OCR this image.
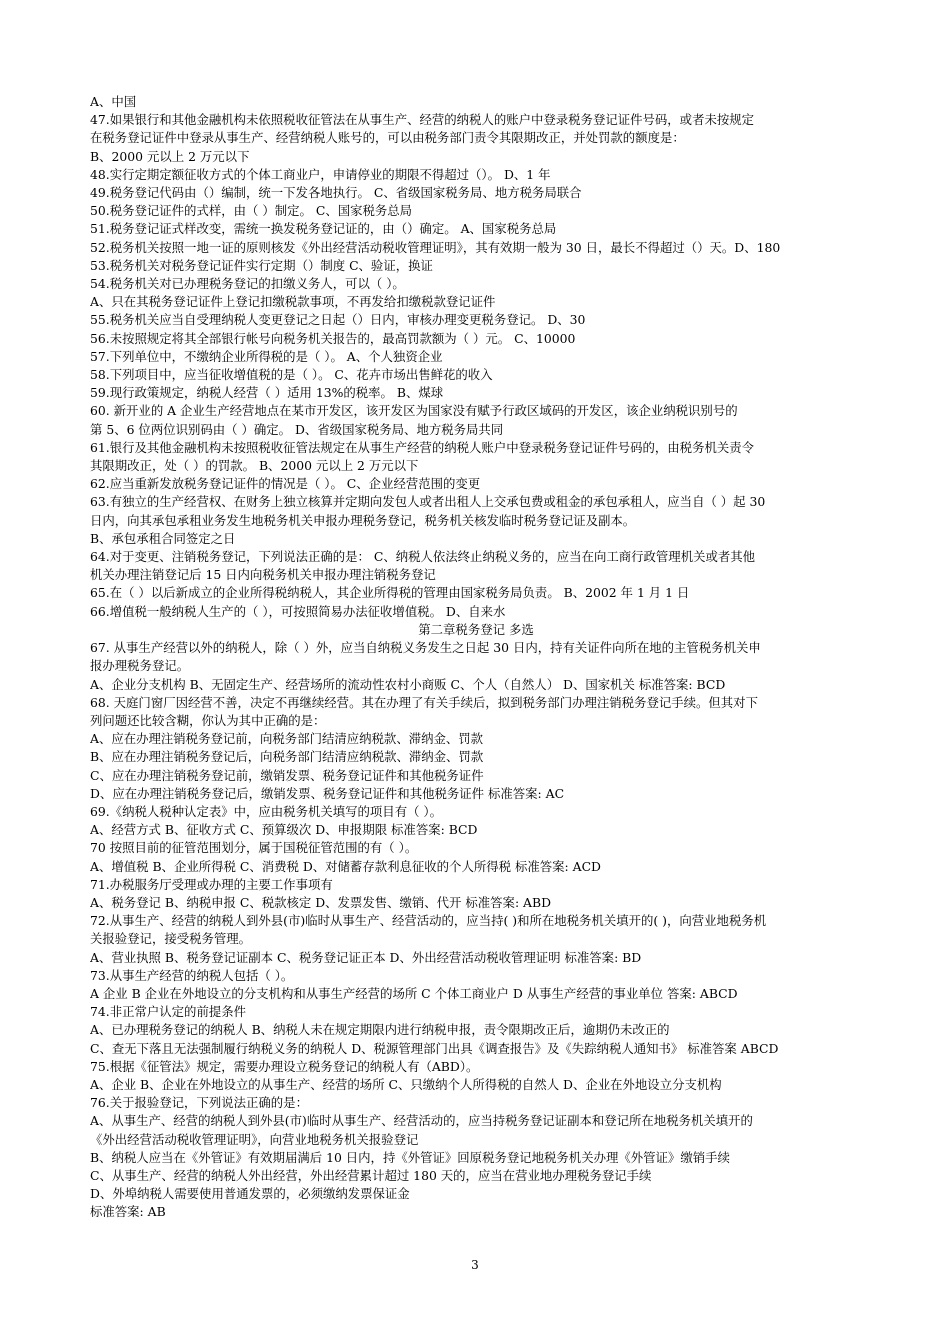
A、中国
47.如果银行和其他金融机构未依照税收征管法在从事生产、经营的纳税人的账户中登录税务登记证件号码，或者未按规定
在税务登记证件中登录从事生产、经营纳税人账号的，可以由税务部门责令其限期改正，并处罚款的额度是：
B、2000 元以上 2 万元以下
48.实行定期定额征收方式的个体工商业户，申请停业的期限不得超过（）。 D、1 年
49.税务登记代码由（）编制，统一下发各地执行。 C、省级国家税务局、地方税务局联合
50.税务登记证件的式样，由（ ）制定。 C、国家税务总局
51.税务登记证式样改变，需统一换发税务登记证的，由（）确定。 A、国家税务总局
52.税务机关按照一地一证的原则核发《外出经营活动税收管理证明》，其有效期一般为 30 日，最长不得超过（）天。D、180
53.税务机关对税务登记证件实行定期（）制度 C、验证，换证
54.税务机关对已办理税务登记的扣缴义务人，可以（ ）。
A、只在其税务登记证件上登记扣缴税款事项，不再发给扣缴税款登记证件
55.税务机关应当自受理纳税人变更登记之日起（）日内，审核办理变更税务登记。 D、30
56.未按照规定将其全部银行帐号向税务机关报告的，最高罚款额为（ ）元。 C、10000
57.下列单位中，不缴纳企业所得税的是（ ）。 A、个人独资企业
58.下列项目中，应当征收增值税的是（ ）。 C、花卉市场出售鲜花的收入
59.现行政策规定，纳税人经营（ ）适用 13%的税率。 B、煤球
60. 新开业的 A 企业生产经营地点在某市开发区，该开发区为国家没有赋予行政区域码的开发区，该企业纳税识别号的
第 5、6 位两位识别码由（ ）确定。 D、省级国家税务局、地方税务局共同
61.银行及其他金融机构未按照税收征管法规定在从事生产经营的纳税人账户中登录税务登记证件号码的，由税务机关责令
其限期改正，处（ ）的罚款。 B、2000 元以上 2 万元以下
62.应当重新发放税务登记证件的情况是（ ）。 C、企业经营范围的变更
63.有独立的生产经营权、在财务上独立核算并定期向发包人或者出租人上交承包费或租金的承包承租人，应当自（ ）起 30
日内，向其承包承租业务发生地税务机关申报办理税务登记，税务机关核发临时税务登记证及副本。
B、承包承租合同签定之日
64.对于变更、注销税务登记，下列说法正确的是： C、纳税人依法终止纳税义务的，应当在向工商行政管理机关或者其他
机关办理注销登记后 15 日内向税务机关申报办理注销税务登记
65.在（ ）以后新成立的企业所得税纳税人，其企业所得税的管理由国家税务局负责。 B、2002 年 1 月 1 日
66.增值税一般纳税人生产的（ ），可按照简易办法征收增值税。 D、自来水
第二章税务登记 多选
67. 从事生产经营以外的纳税人，除（ ）外，应当自纳税义务发生之日起 30 日内，持有关证件向所在地的主管税务机关申
报办理税务登记。
A、企业分支机构 B、无固定生产、经营场所的流动性农村小商贩 C、个人（自然人） D、国家机关 标准答案: BCD
68. 天庭门窗厂因经营不善，决定不再继续经营。其在办理了有关手续后，拟到税务部门办理注销税务登记手续。但其对下
列问题还比较含糊，你认为其中正确的是：
A、应在办理注销税务登记前，向税务部门结清应纳税款、滞纳金、罚款
B、应在办理注销税务登记后，向税务部门结清应纳税款、滞纳金、罚款
C、应在办理注销税务登记前，缴销发票、税务登记证件和其他税务证件
D、应在办理注销税务登记后，缴销发票、税务登记证件和其他税务证件 标准答案: AC
69.《纳税人税种认定表》中，应由税务机关填写的项目有（ ）。
A、经营方式 B、征收方式 C、预算级次 D、申报期限 标准答案: BCD
70 按照目前的征管范围划分，属于国税征管范围的有（ ）。
A、增值税 B、企业所得税 C、消费税 D、对储蓄存款利息征收的个人所得税 标准答案: ACD
71.办税服务厅受理或办理的主要工作事项有
A、税务登记 B、纳税申报 C、税款核定 D、发票发售、缴销、代开 标准答案: ABD
72.从事生产、经营的纳税人到外县(市)临时从事生产、经营活动的，应当持( )和所在地税务机关填开的( )，向营业地税务机
关报验登记，接受税务管理。
A、营业执照 B、税务登记证副本 C、税务登记证正本 D、外出经营活动税收管理证明 标准答案: BD
73.从事生产经营的纳税人包括（ ）。
A 企业 B 企业在外地设立的分支机构和从事生产经营的场所 C 个体工商业户 D 从事生产经营的事业单位 答案: ABCD
74.非正常户认定的前提条件
A、已办理税务登记的纳税人 B、纳税人未在规定期限内进行纳税申报，责令限期改正后，逾期仍未改正的
C、查无下落且无法强制履行纳税义务的纳税人 D、税源管理部门出具《调查报告》及《失踪纳税人通知书》 标准答案 ABCD
75.根据《征管法》规定，需要办理设立税务登记的纳税人有（ABD）。
A、企业 B、企业在外地设立的从事生产、经营的场所 C、只缴纳个人所得税的自然人 D、企业在外地设立分支机构
76.关于报验登记，下列说法正确的是：
A、从事生产、经营的纳税人到外县(市)临时从事生产、经营活动的，应当持税务登记证副本和登记所在地税务机关填开的
《外出经营活动税收管理证明》，向营业地税务机关报验登记
B、纳税人应当在《外管证》有效期届满后 10 日内，持《外管证》回原税务登记地税务机关办理《外管证》缴销手续
C、从事生产、经营的纳税人外出经营，外出经营累计超过 180 天的，应当在营业地办理税务登记手续
D、外埠纳税人需要使用普通发票的，必须缴纳发票保证金
标准答案: AB
3
